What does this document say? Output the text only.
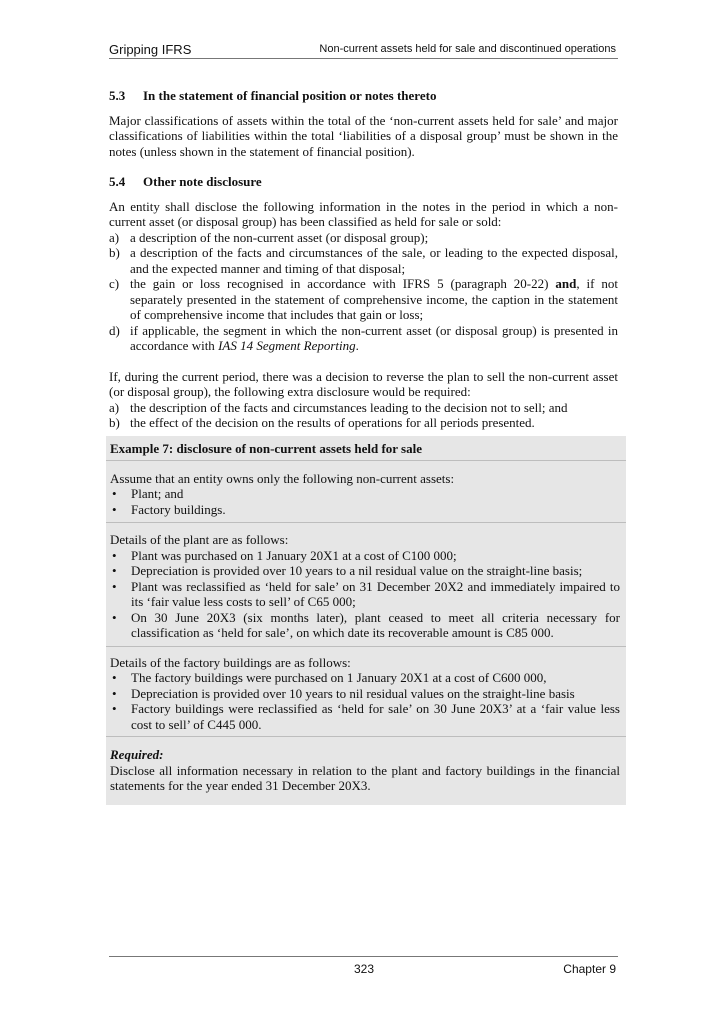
Gripping IFRS	Non-current assets held for sale and discontinued operations
5.3 In the statement of financial position or notes thereto

Major classifications of assets within the total of the ‘non-current assets held for sale’ and major classifications of liabilities within the total ‘liabilities of a disposal group’ must be shown in the notes (unless shown in the statement of financial position).

5.4 Other note disclosure

An entity shall disclose the following information in the notes in the period in which a non-current asset (or disposal group) has been classified as held for sale or sold:

a) a description of the non-current asset (or disposal group);
b) a description of the facts and circumstances of the sale, or leading to the expected disposal, and the expected manner and timing of that disposal;
c) the gain or loss recognised in accordance with IFRS 5 (paragraph 20-22) and, if not separately presented in the statement of comprehensive income, the caption in the statement of comprehensive income that includes that gain or loss;
d) if applicable, the segment in which the non-current asset (or disposal group) is presented in accordance with IAS 14 Segment Reporting.

If, during the current period, there was a decision to reverse the plan to sell the non-current asset (or disposal group), the following extra disclosure would be required:

a) the description of the facts and circumstances leading to the decision not to sell; and
b) the effect of the decision on the results of operations for all periods presented.
Example 7: disclosure of non-current assets held for sale

Assume that an entity owns only the following non-current assets:

• Plant; and
• Factory buildings.

Details of the plant are as follows:

• Plant was purchased on 1 January 20X1 at a cost of C100 000;
• Depreciation is provided over 10 years to a nil residual value on the straight-line basis;
• Plant was reclassified as ‘held for sale’ on 31 December 20X2 and immediately impaired to its ‘fair value less costs to sell’ of C65 000;
• On 30 June 20X3 (six months later), plant ceased to meet all criteria necessary for classification as ‘held for sale’, on which date its recoverable amount is C85 000.

Details of the factory buildings are as follows:

• The factory buildings were purchased on 1 January 20X1 at a cost of C600 000,
• Depreciation is provided over 10 years to nil residual values on the straight-line basis
• Factory buildings were reclassified as ‘held for sale’ on 30 June 20X3’ at a ‘fair value less cost to sell’ of C445 000.
Required:

Disclose all information necessary in relation to the plant and factory buildings in the financial statements for the year ended 31 December 20X3.

323	Chapter 9
